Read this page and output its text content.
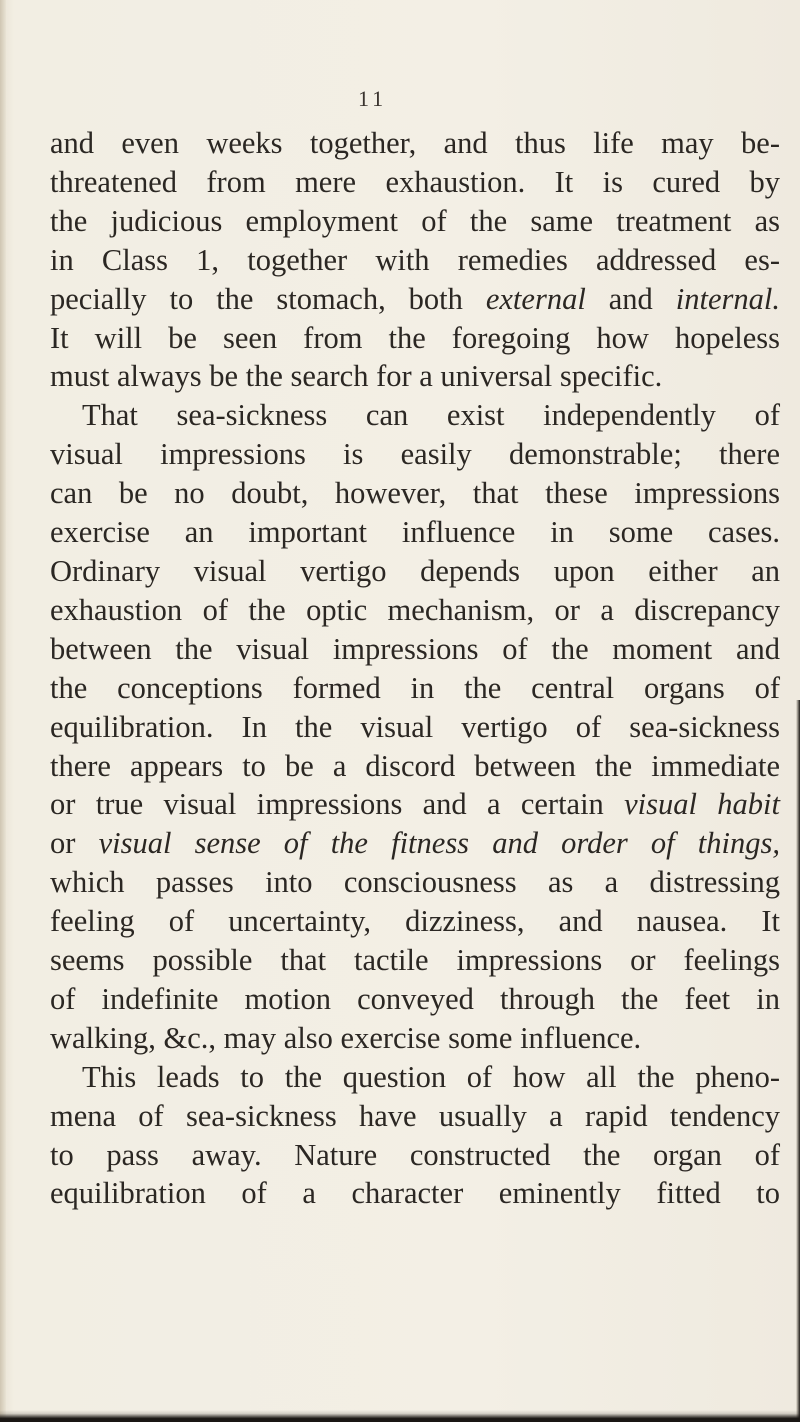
11
and even weeks together, and thus life may be-
threatened from mere exhaustion. It is cured by
the judicious employment of the same treatment as
in Class 1, together with remedies addressed es-
pecially to the stomach, both external and internal.
It will be seen from the foregoing how hopeless
must always be the search for a universal specific.
That sea-sickness can exist independently of
visual impressions is easily demonstrable; there
can be no doubt, however, that these impressions
exercise an important influence in some cases.
Ordinary visual vertigo depends upon either an
exhaustion of the optic mechanism, or a discrepancy
between the visual impressions of the moment and
the conceptions formed in the central organs of
equilibration. In the visual vertigo of sea-sickness
there appears to be a discord between the immediate
or true visual impressions and a certain visual habit
or visual sense of the fitness and order of things,
which passes into consciousness as a distressing
feeling of uncertainty, dizziness, and nausea. It
seems possible that tactile impressions or feelings
of indefinite motion conveyed through the feet in
walking, &c., may also exercise some influence.
This leads to the question of how all the pheno-
mena of sea-sickness have usually a rapid tendency
to pass away. Nature constructed the organ of
equilibration of a character eminently fitted to
